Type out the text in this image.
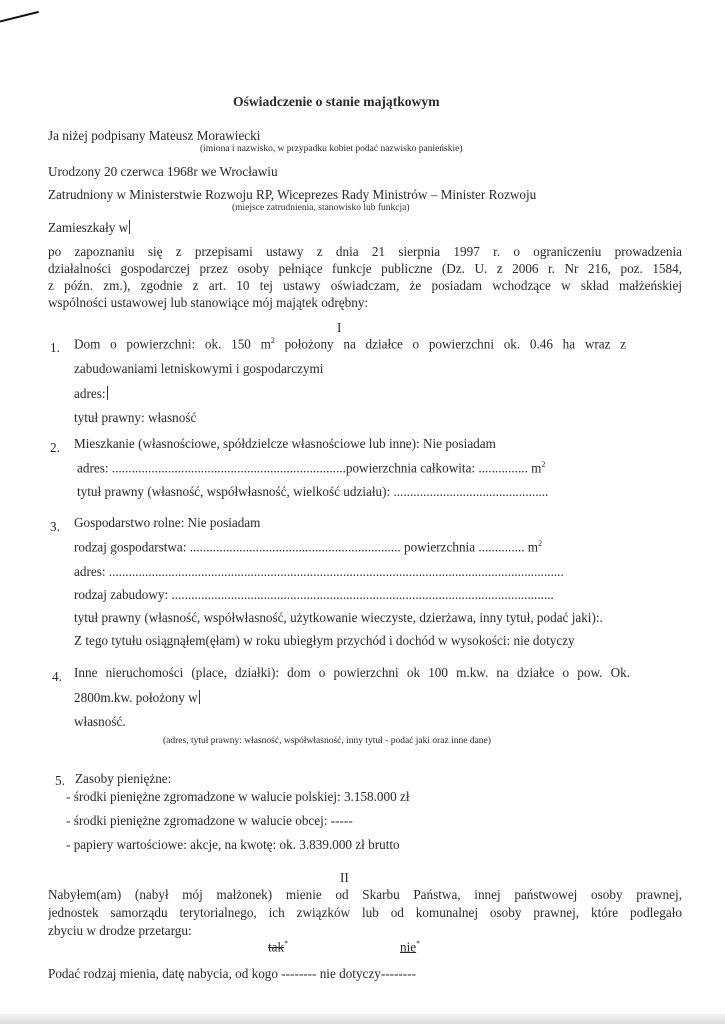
Oświadczenie o stanie majątkowym
Ja niżej podpisany Mateusz Morawiecki
(imiona i nazwisko, w przypadku kobiet podać nazwisko panieńskie)
Urodzony 20 czerwca 1968r we Wrocławiu
Zatrudniony w Ministerstwie Rozwoju RP, Wiceprezes Rady Ministrów – Minister Rozwoju
(miejsce zatrudnienia, stanowisko lub funkcja)
Zamieszkały w
po zapoznaniu się z przepisami ustawy z dnia 21 sierpnia 1997 r. o ograniczeniu prowadzenia
działalności gospodarczej przez osoby pełniące funkcje publiczne (Dz. U. z 2006 r. Nr 216, poz. 1584,
z późn. zm.), zgodnie z art. 10 tej ustawy oświadczam, że posiadam wchodzące w skład małżeńskiej
wspólności ustawowej lub stanowiące mój majątek odrębny:
I
1. Dom o powierzchni: ok. 150 $m^2$ położony na działce o powierzchni ok. 0.46 ha wraz z
zabudowaniami letniskowymi i gospodarczymi
adres:
tytuł prawny: własność
2. Mieszkanie (własnościowe, spółdzielcze własnościowe lub inne): Nie posiadam
adres: .......................................................................powierzchnia całkowita: ............... $m^2$
tytuł prawny (własność, współwłasność, wielkość udziału): ...............................................
3. Gospodarstwo rolne: Nie posiadam
rodzaj gospodarstwa: ................................................................ powierzchnia .............. $m^2$
adres: ..........................................................................................................................................
rodzaj zabudowy: ....................................................................................................................
tytuł prawny (własność, współwłasność, użytkowanie wieczyste, dzierżawa, inny tytuł, podać jaki):.
Z tego tytułu osiągnąłem(ęłam) w roku ubiegłym przychód i dochód w wysokości: nie dotyczy
4. Inne nieruchomości (place, działki): dom o powierzchni ok 100 m.kw. na działce o pow. Ok.
2800m.kw. położony w
własność.
(adres, tytuł prawny: własność, współwłasność, inny tytuł - podać jaki oraz inne dane)
5. Zasoby pieniężne:
- środki pieniężne zgromadzone w walucie polskiej: 3.158.000 zł
- środki pieniężne zgromadzone w walucie obcej: -----
- papiery wartościowe: akcje, na kwotę: ok. 3.839.000 zł brutto
II
Nabyłem(am) (nabył mój małżonek) mienie od Skarbu Państwa, innej państwowej osoby prawnej,
jednostek samorządu terytorialnego, ich związków lub od komunalnej osoby prawnej, które podlegało
zbyciu w drodze przetargu:
tak*	nie*
Podać rodzaj mienia, datę nabycia, od kogo -------- nie dotyczy--------
